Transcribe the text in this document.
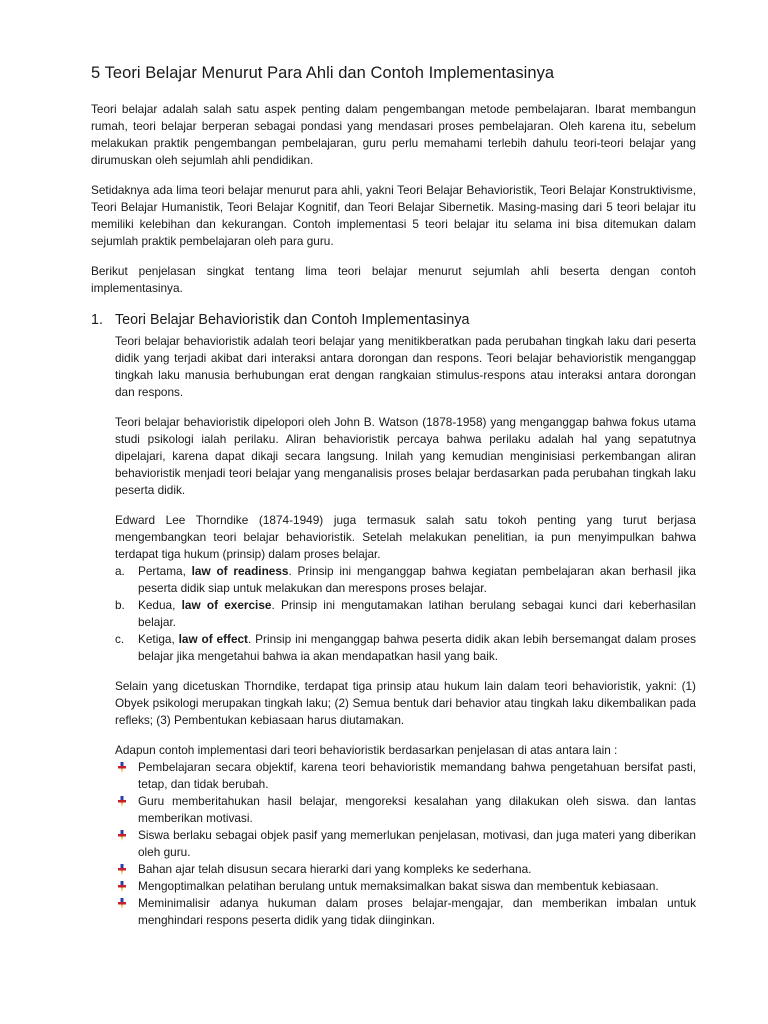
5 Teori Belajar Menurut Para Ahli dan Contoh Implementasinya

Teori belajar adalah salah satu aspek penting dalam pengembangan metode pembelajaran. Ibarat membangun rumah, teori belajar berperan sebagai pondasi yang mendasari proses pembelajaran. Oleh karena itu, sebelum melakukan praktik pengembangan pembelajaran, guru perlu memahami terlebih dahulu teori-teori belajar yang dirumuskan oleh sejumlah ahli pendidikan.

Setidaknya ada lima teori belajar menurut para ahli, yakni Teori Belajar Behavioristik, Teori Belajar Konstruktivisme, Teori Belajar Humanistik, Teori Belajar Kognitif, dan Teori Belajar Sibernetik. Masing-masing dari 5 teori belajar itu memiliki kelebihan dan kekurangan. Contoh implementasi 5 teori belajar itu selama ini bisa ditemukan dalam sejumlah praktik pembelajaran oleh para guru.

Berikut penjelasan singkat tentang lima teori belajar menurut sejumlah ahli beserta dengan contoh implementasinya.

1. Teori Belajar Behavioristik dan Contoh Implementasinya

Teori belajar behavioristik adalah teori belajar yang menitikberatkan pada perubahan tingkah laku dari peserta didik yang terjadi akibat dari interaksi antara dorongan dan respons. Teori belajar behavioristik menganggap tingkah laku manusia berhubungan erat dengan rangkaian stimulus-respons atau interaksi antara dorongan dan respons.

Teori belajar behavioristik dipelopori oleh John B. Watson (1878-1958) yang menganggap bahwa fokus utama studi psikologi ialah perilaku. Aliran behavioristik percaya bahwa perilaku adalah hal yang sepatutnya dipelajari, karena dapat dikaji secara langsung. Inilah yang kemudian menginisiasi perkembangan aliran behavioristik menjadi teori belajar yang menganalisis proses belajar berdasarkan pada perubahan tingkah laku peserta didik.

Edward Lee Thorndike (1874-1949) juga termasuk salah satu tokoh penting yang turut berjasa mengembangkan teori belajar behavioristik. Setelah melakukan penelitian, ia pun menyimpulkan bahwa terdapat tiga hukum (prinsip) dalam proses belajar.

a.	Pertama, law of readiness. Prinsip ini menganggap bahwa kegiatan pembelajaran akan berhasil jika peserta didik siap untuk melakukan dan merespons proses belajar.
b.	Kedua, law of exercise. Prinsip ini mengutamakan latihan berulang sebagai kunci dari keberhasilan belajar.
c.	Ketiga, law of effect. Prinsip ini menganggap bahwa peserta didik akan lebih bersemangat dalam proses belajar jika mengetahui bahwa ia akan mendapatkan hasil yang baik.

Selain yang dicetuskan Thorndike, terdapat tiga prinsip atau hukum lain dalam teori behavioristik, yakni: (1) Obyek psikologi merupakan tingkah laku; (2) Semua bentuk dari behavior atau tingkah laku dikembalikan pada refleks; (3) Pembentukan kebiasaan harus diutamakan.

Adapun contoh implementasi dari teori behavioristik berdasarkan penjelasan di atas antara lain :

Pembelajaran secara objektif, karena teori behavioristik memandang bahwa pengetahuan bersifat pasti, tetap, dan tidak berubah.
Guru memberitahukan hasil belajar, mengoreksi kesalahan yang dilakukan oleh siswa. dan lantas memberikan motivasi.
Siswa berlaku sebagai objek pasif yang memerlukan penjelasan, motivasi, dan juga materi yang diberikan oleh guru.
Bahan ajar telah disusun secara hierarki dari yang kompleks ke sederhana.
Mengoptimalkan pelatihan berulang untuk memaksimalkan bakat siswa dan membentuk kebiasaan.
Meminimalisir adanya hukuman dalam proses belajar-mengajar, dan memberikan imbalan untuk menghindari respons peserta didik yang tidak diinginkan.
